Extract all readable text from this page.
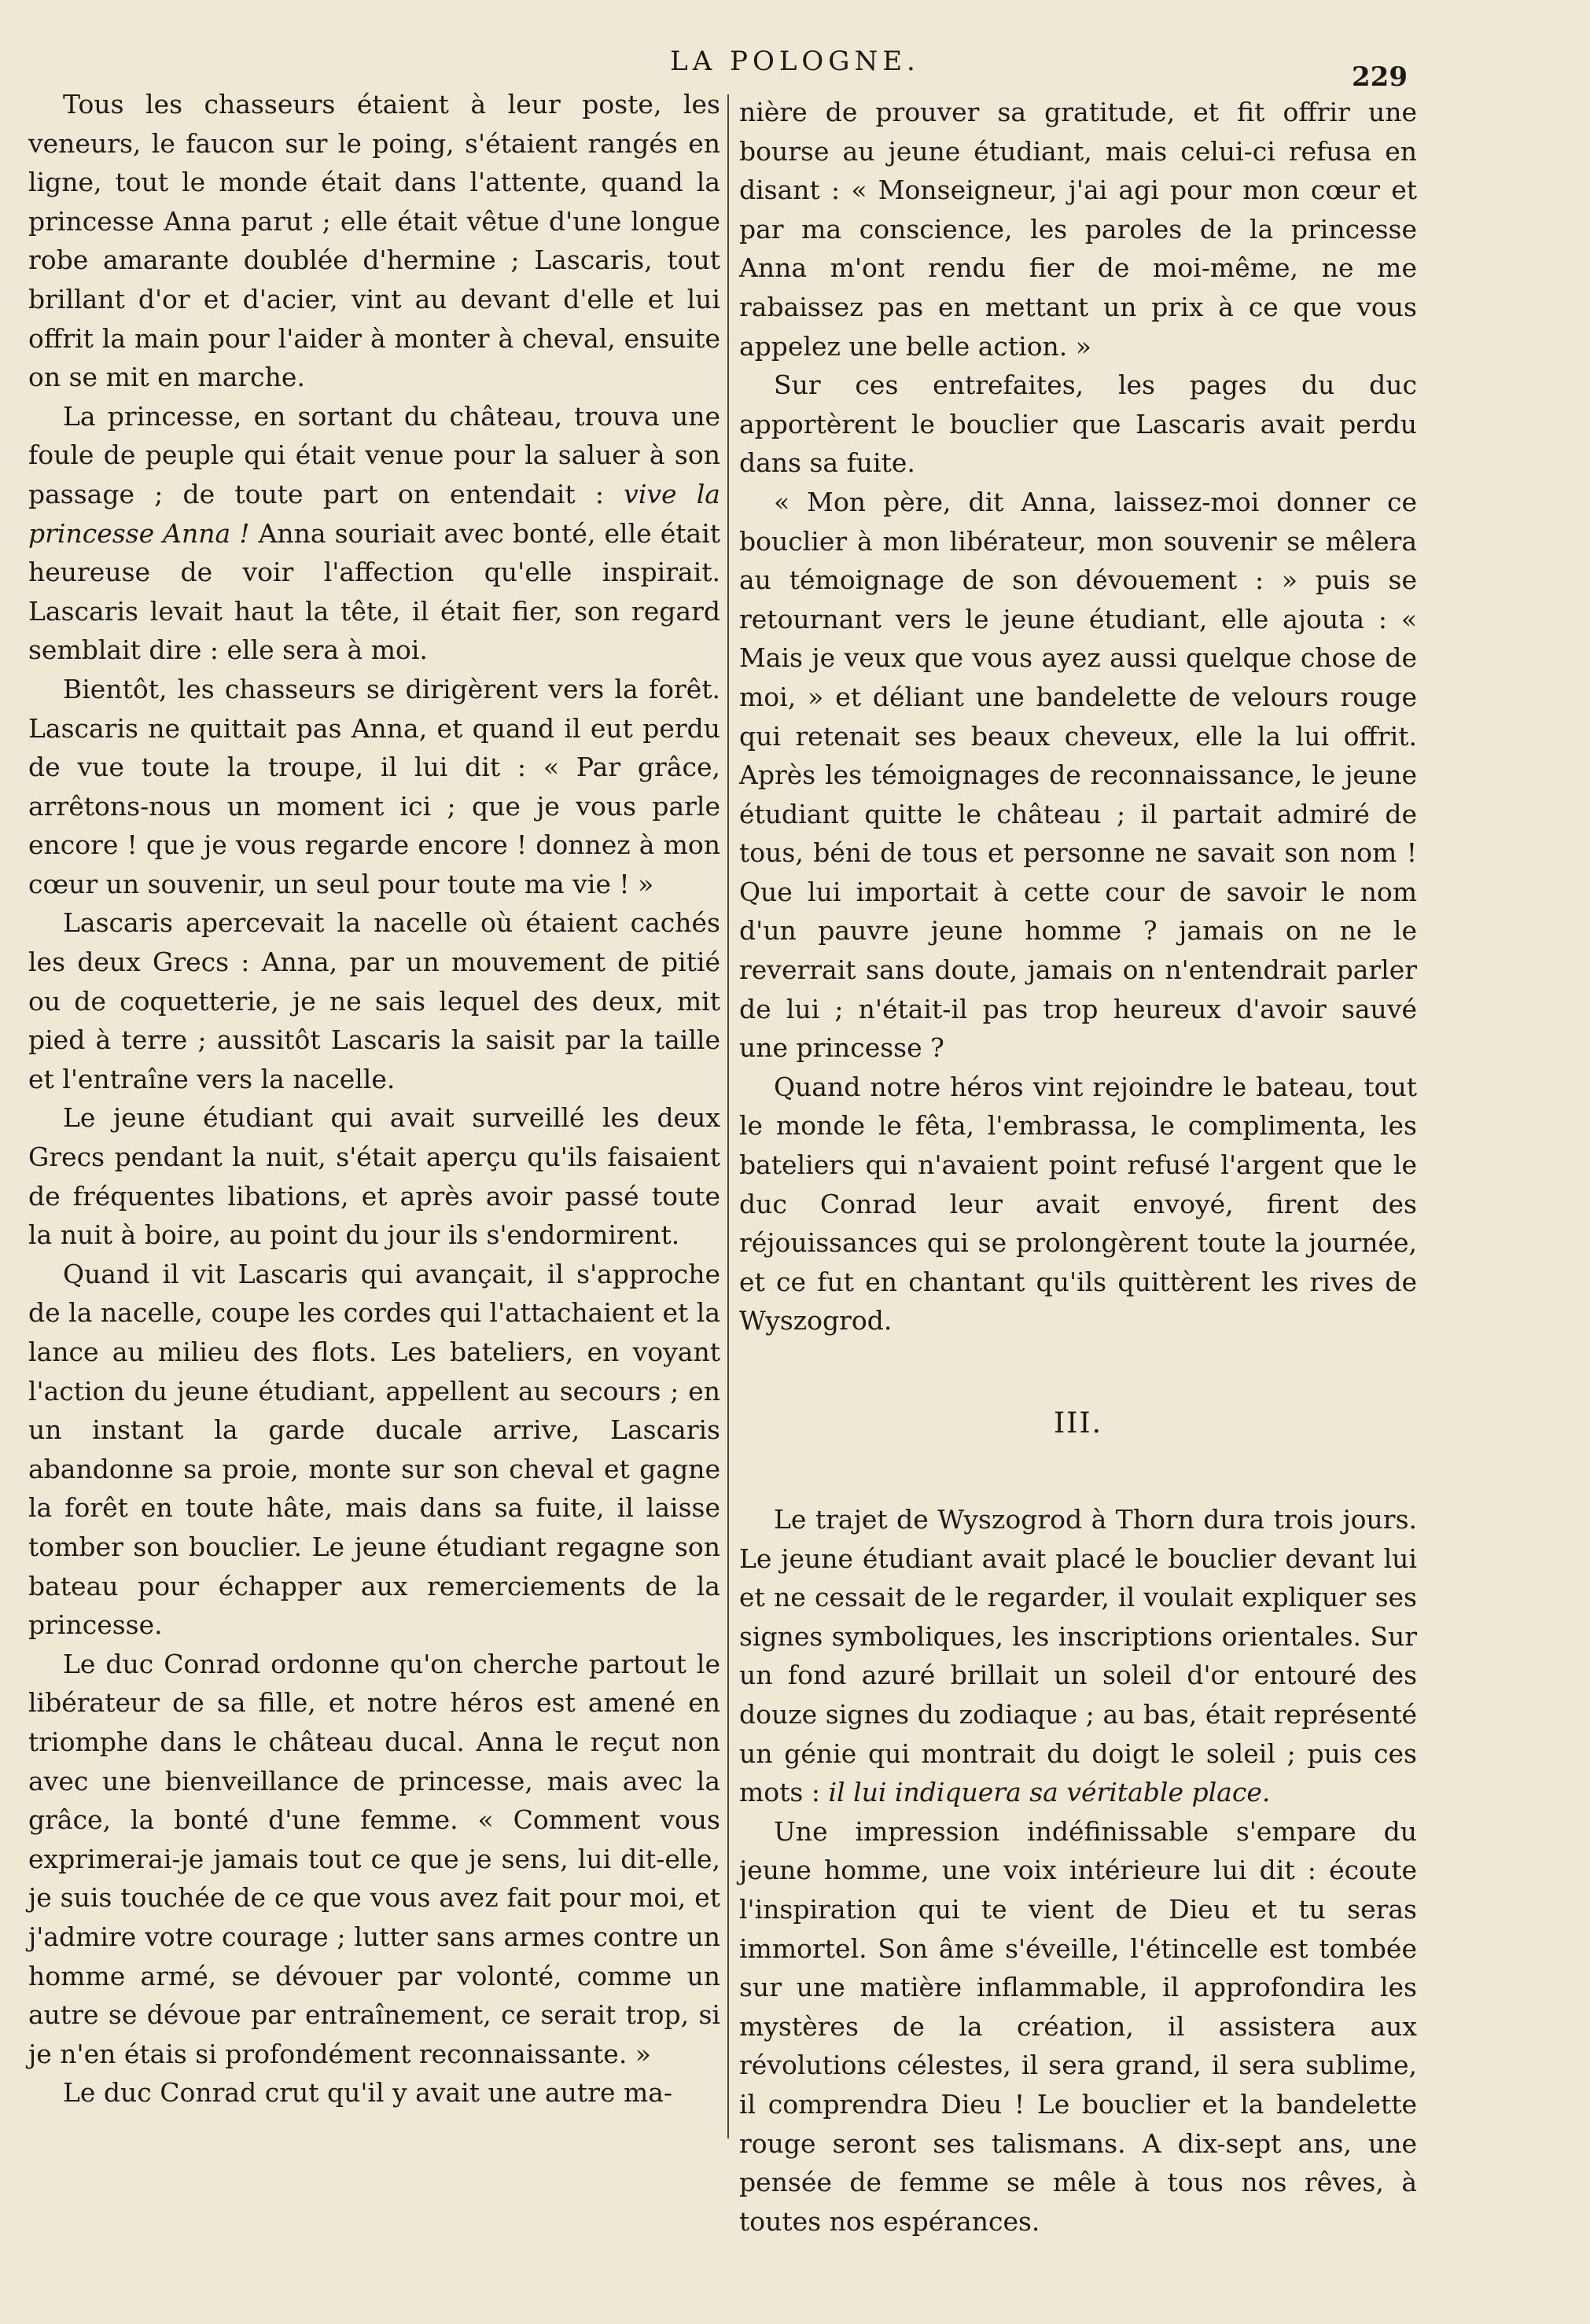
LA POLOGNE.	229

Tous les chasseurs étaient à leur poste, les veneurs, le faucon sur le poing, s'étaient rangés en ligne, tout le monde était dans l'attente, quand la princesse Anna parut ; elle était vêtue d'une longue robe amarante doublée d'hermine ; Lascaris, tout brillant d'or et d'acier, vint au devant d'elle et lui offrit la main pour l'aider à monter à cheval, ensuite on se mit en marche.

La princesse, en sortant du château, trouva une foule de peuple qui était venue pour la saluer à son passage ; de toute part on entendait : vive la princesse Anna ! Anna souriait avec bonté, elle était heureuse de voir l'affection qu'elle inspirait. Lascaris levait haut la tête, il était fier, son regard semblait dire : elle sera à moi.

Bientôt, les chasseurs se dirigèrent vers la forêt. Lascaris ne quittait pas Anna, et quand il eut perdu de vue toute la troupe, il lui dit : « Par grâce, arrêtons-nous un moment ici ; que je vous parle encore ! que je vous regarde encore ! donnez à mon cœur un souvenir, un seul pour toute ma vie ! »

Lascaris apercevait la nacelle où étaient cachés les deux Grecs : Anna, par un mouvement de pitié ou de coquetterie, je ne sais lequel des deux, mit pied à terre ; aussitôt Lascaris la saisit par la taille et l'entraîne vers la nacelle.

Le jeune étudiant qui avait surveillé les deux Grecs pendant la nuit, s'était aperçu qu'ils faisaient de fréquentes libations, et après avoir passé toute la nuit à boire, au point du jour ils s'endormirent.

Quand il vit Lascaris qui avançait, il s'approche de la nacelle, coupe les cordes qui l'attachaient et la lance au milieu des flots. Les bateliers, en voyant l'action du jeune étudiant, appellent au secours ; en un instant la garde ducale arrive, Lascaris abandonne sa proie, monte sur son cheval et gagne la forêt en toute hâte, mais dans sa fuite, il laisse tomber son bouclier. Le jeune étudiant regagne son bateau pour échapper aux remerciements de la princesse.

Le duc Conrad ordonne qu'on cherche partout le libérateur de sa fille, et notre héros est amené en triomphe dans le château ducal. Anna le reçut non avec une bienveillance de princesse, mais avec la grâce, la bonté d'une femme. « Comment vous exprimerai-je jamais tout ce que je sens, lui dit-elle, je suis touchée de ce que vous avez fait pour moi, et j'admire votre courage ; lutter sans armes contre un homme armé, se dévouer par volonté, comme un autre se dévoue par entraînement, ce serait trop, si je n'en étais si profondément reconnaissante. »

Le duc Conrad crut qu'il y avait une autre ma-

nière de prouver sa gratitude, et fit offrir une bourse au jeune étudiant, mais celui-ci refusa en disant : « Monseigneur, j'ai agi pour mon cœur et par ma conscience, les paroles de la princesse Anna m'ont rendu fier de moi-même, ne me rabaissez pas en mettant un prix à ce que vous appelez une belle action. »

Sur ces entrefaites, les pages du duc apportèrent le bouclier que Lascaris avait perdu dans sa fuite.

« Mon père, dit Anna, laissez-moi donner ce bouclier à mon libérateur, mon souvenir se mêlera au témoignage de son dévouement : » puis se retournant vers le jeune étudiant, elle ajouta : « Mais je veux que vous ayez aussi quelque chose de moi, » et déliant une bandelette de velours rouge qui retenait ses beaux cheveux, elle la lui offrit. Après les témoignages de reconnaissance, le jeune étudiant quitte le château ; il partait admiré de tous, béni de tous et personne ne savait son nom ! Que lui importait à cette cour de savoir le nom d'un pauvre jeune homme ? jamais on ne le reverrait sans doute, jamais on n'entendrait parler de lui ; n'était-il pas trop heureux d'avoir sauvé une princesse ?

Quand notre héros vint rejoindre le bateau, tout le monde le fêta, l'embrassa, le complimenta, les bateliers qui n'avaient point refusé l'argent que le duc Conrad leur avait envoyé, firent des réjouissances qui se prolongèrent toute la journée, et ce fut en chantant qu'ils quittèrent les rives de Wyszogrod.

III.

Le trajet de Wyszogrod à Thorn dura trois jours. Le jeune étudiant avait placé le bouclier devant lui et ne cessait de le regarder, il voulait expliquer ses signes symboliques, les inscriptions orientales. Sur un fond azuré brillait un soleil d'or entouré des douze signes du zodiaque ; au bas, était représenté un génie qui montrait du doigt le soleil ; puis ces mots : il lui indiquera sa véritable place.

Une impression indéfinissable s'empare du jeune homme, une voix intérieure lui dit : écoute l'inspiration qui te vient de Dieu et tu seras immortel. Son âme s'éveille, l'étincelle est tombée sur une matière inflammable, il approfondira les mystères de la création, il assistera aux révolutions célestes, il sera grand, il sera sublime, il comprendra Dieu ! Le bouclier et la bandelette rouge seront ses talismans. A dix-sept ans, une pensée de femme se mêle à tous nos rêves, à toutes nos espérances.
